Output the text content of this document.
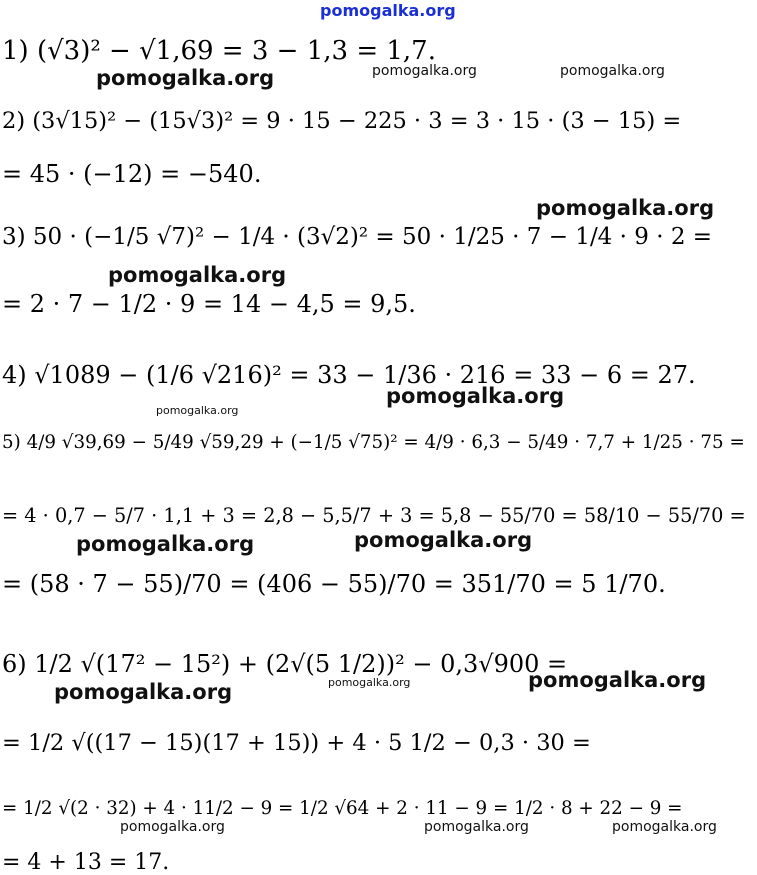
pomogalka.org
1) (√3)² − √1,69 = 3 − 1,3 = 1,7.
pomogalka.org	pomogalka.org	pomogalka.org
2) (3√15)² − (15√3)² = 9 · 15 − 225 · 3 = 3 · 15 · (3 − 15) =
= 45 · (−12) = −540.
pomogalka.org
3) 50 · (−1/5 √7)² − 1/4 · (3√2)² = 50 · 1/25 · 7 − 1/4 · 9 · 2 =
pomogalka.org
= 2 · 7 − 1/2 · 9 = 14 − 4,5 = 9,5.
4) √1089 − (1/6 √216)² = 33 − 1/36 · 216 = 33 − 6 = 27.
pomogalka.org
pomogalka.org
5) 4/9 √39,69 − 5/49 √59,29 + (−1/5 √75)² = 4/9 · 6,3 − 5/49 · 7,7 + 1/25 · 75 =
= 4 · 0,7 − 5/7 · 1,1 + 3 = 2,8 − 5,5/7 + 3 = 5,8 − 55/70 = 58/10 − 55/70 =
pomogalka.org	pomogalka.org
= (58 · 7 − 55)/70 = (406 − 55)/70 = 351/70 = 5 1/70.
6) 1/2 √(17² − 15²) + (2√(5 1/2))² − 0,3√900 =
pomogalka.org
pomogalka.org	pomogalka.org
= 1/2 √((17 − 15)(17 + 15)) + 4 · 5 1/2 − 0,3 · 30 =
= 1/2 √(2 · 32) + 4 · 11/2 − 9 = 1/2 √64 + 2 · 11 − 9 = 1/2 · 8 + 22 − 9 =
pomogalka.org	pomogalka.org	pomogalka.org
= 4 + 13 = 17.
